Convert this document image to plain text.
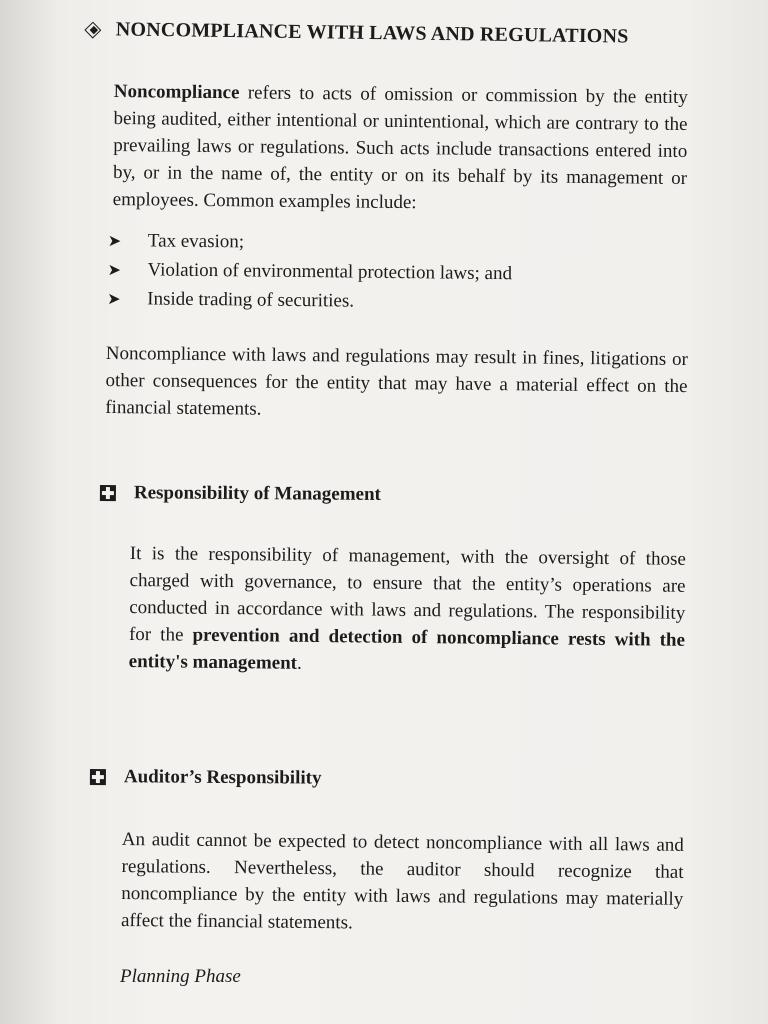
NONCOMPLIANCE WITH LAWS AND REGULATIONS
Noncompliance refers to acts of omission or commission by the entity being audited, either intentional or unintentional, which are contrary to the prevailing laws or regulations. Such acts include transactions entered into by, or in the name of, the entity or on its behalf by its management or employees. Common examples include:
➤	Tax evasion;
➤	Violation of environmental protection laws; and
➤	Inside trading of securities.
Noncompliance with laws and regulations may result in fines, litigations or other consequences for the entity that may have a material effect on the financial statements.
Responsibility of Management
It is the responsibility of management, with the oversight of those charged with governance, to ensure that the entity’s operations are conducted in accordance with laws and regulations. The responsibility for the prevention and detection of noncompliance rests with the entity's management.
Auditor’s Responsibility
An audit cannot be expected to detect noncompliance with all laws and regulations. Nevertheless, the auditor should recognize that noncompliance by the entity with laws and regulations may materially affect the financial statements.
Planning Phase
